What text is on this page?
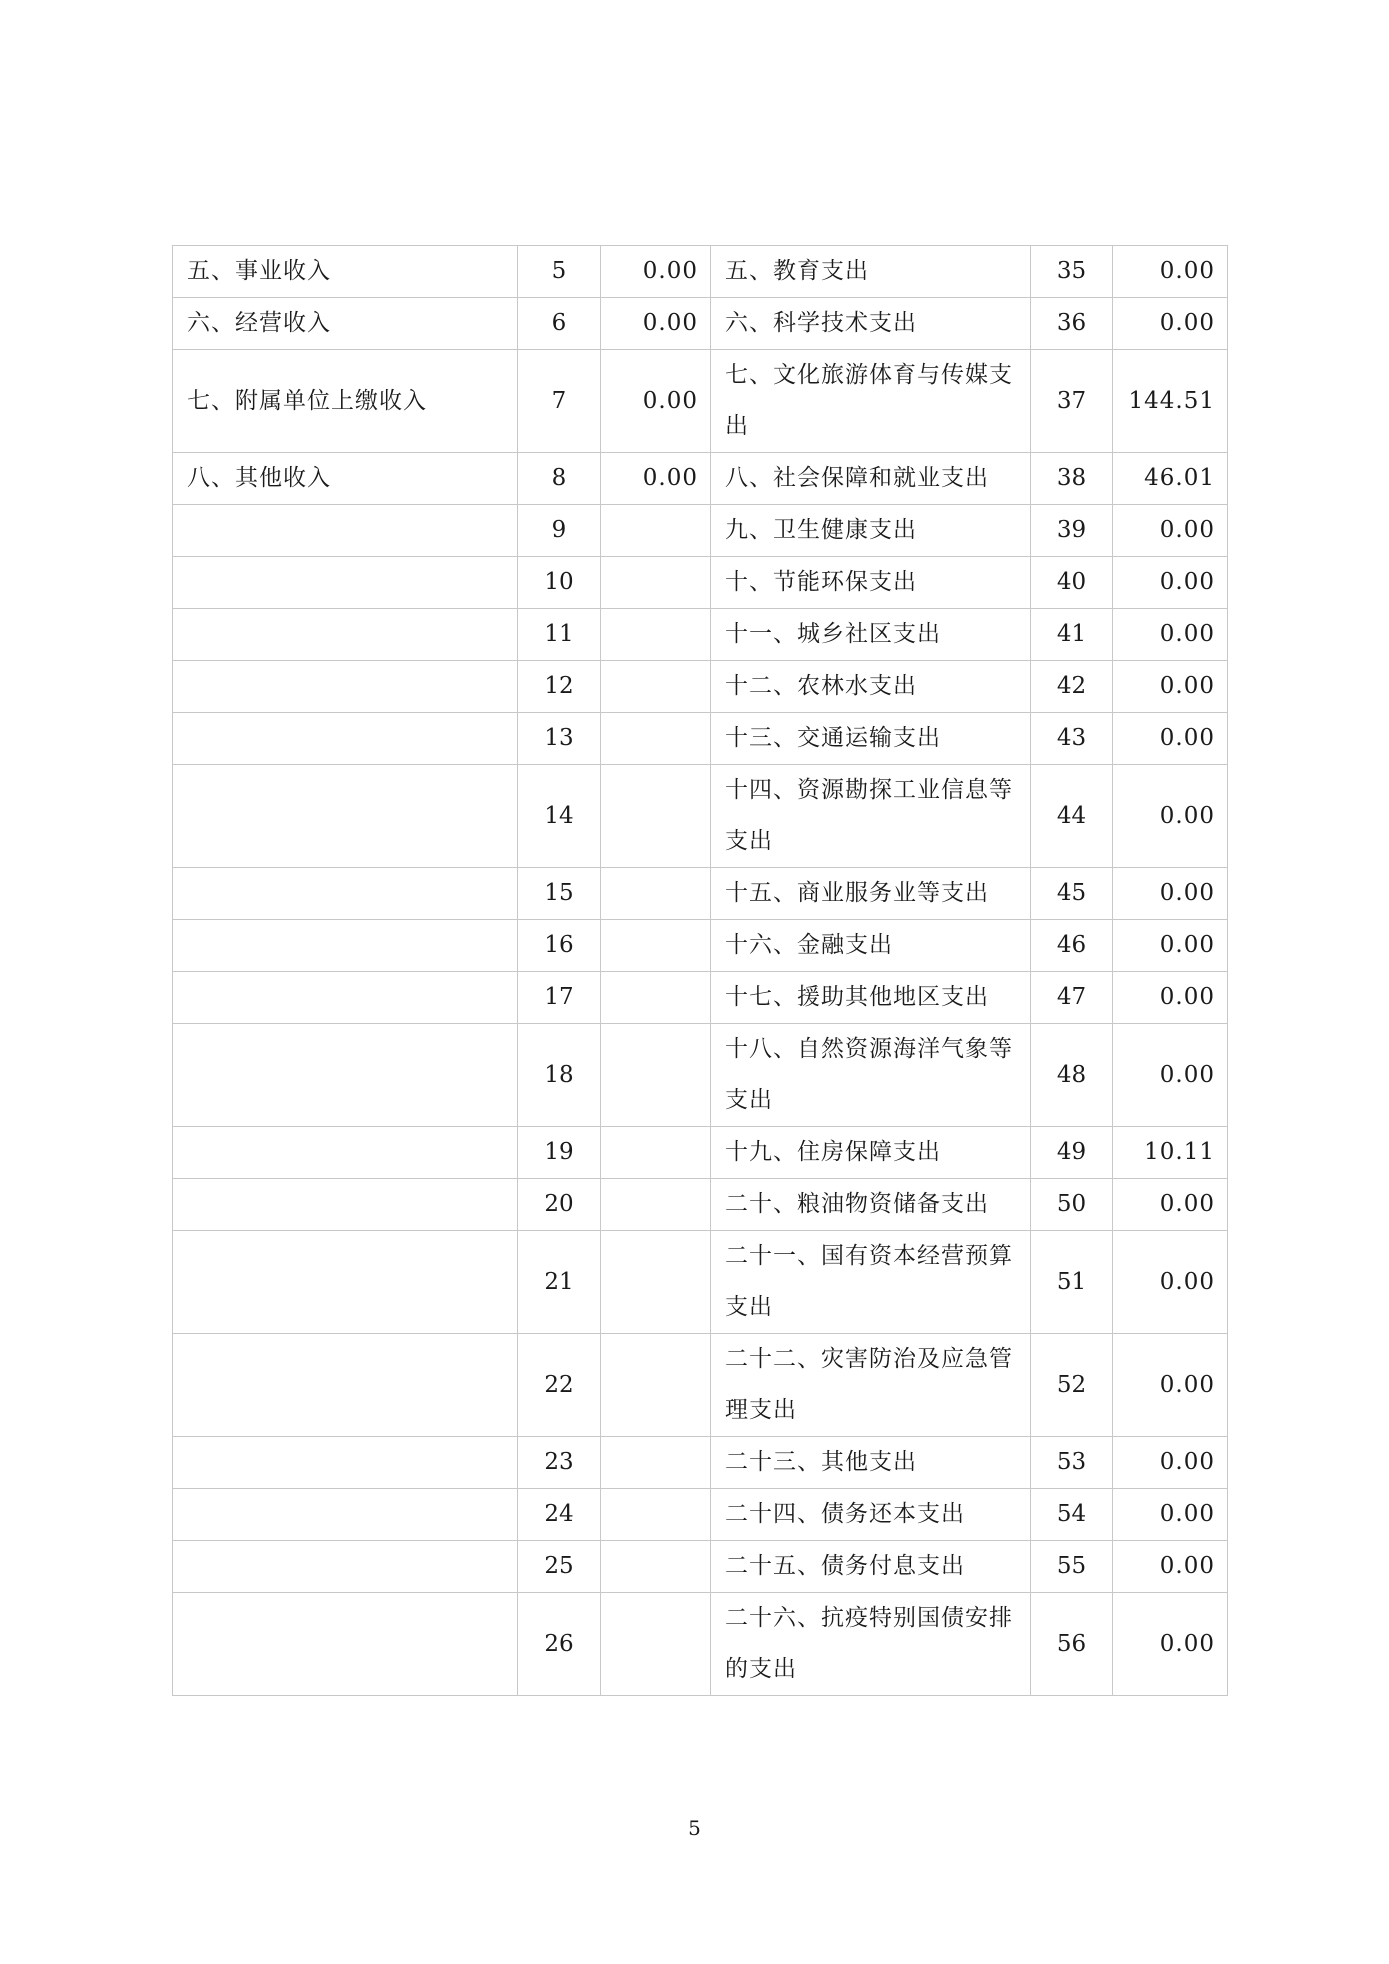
五、事业收入	5	0.00	五、教育支出	35	0.00
六、经营收入	6	0.00	六、科学技术支出	36	0.00
七、附属单位上缴收入	7	0.00	七、文化旅游体育与传媒支出	37	144.51
八、其他收入	8	0.00	八、社会保障和就业支出	38	46.01
	9		九、卫生健康支出	39	0.00
	10		十、节能环保支出	40	0.00
	11		十一、城乡社区支出	41	0.00
	12		十二、农林水支出	42	0.00
	13		十三、交通运输支出	43	0.00
	14		十四、资源勘探工业信息等支出	44	0.00
	15		十五、商业服务业等支出	45	0.00
	16		十六、金融支出	46	0.00
	17		十七、援助其他地区支出	47	0.00
	18		十八、自然资源海洋气象等支出	48	0.00
	19		十九、住房保障支出	49	10.11
	20		二十、粮油物资储备支出	50	0.00
	21		二十一、国有资本经营预算支出	51	0.00
	22		二十二、灾害防治及应急管理支出	52	0.00
	23		二十三、其他支出	53	0.00
	24		二十四、债务还本支出	54	0.00
	25		二十五、债务付息支出	55	0.00
	26		二十六、抗疫特别国债安排的支出	56	0.00
5
